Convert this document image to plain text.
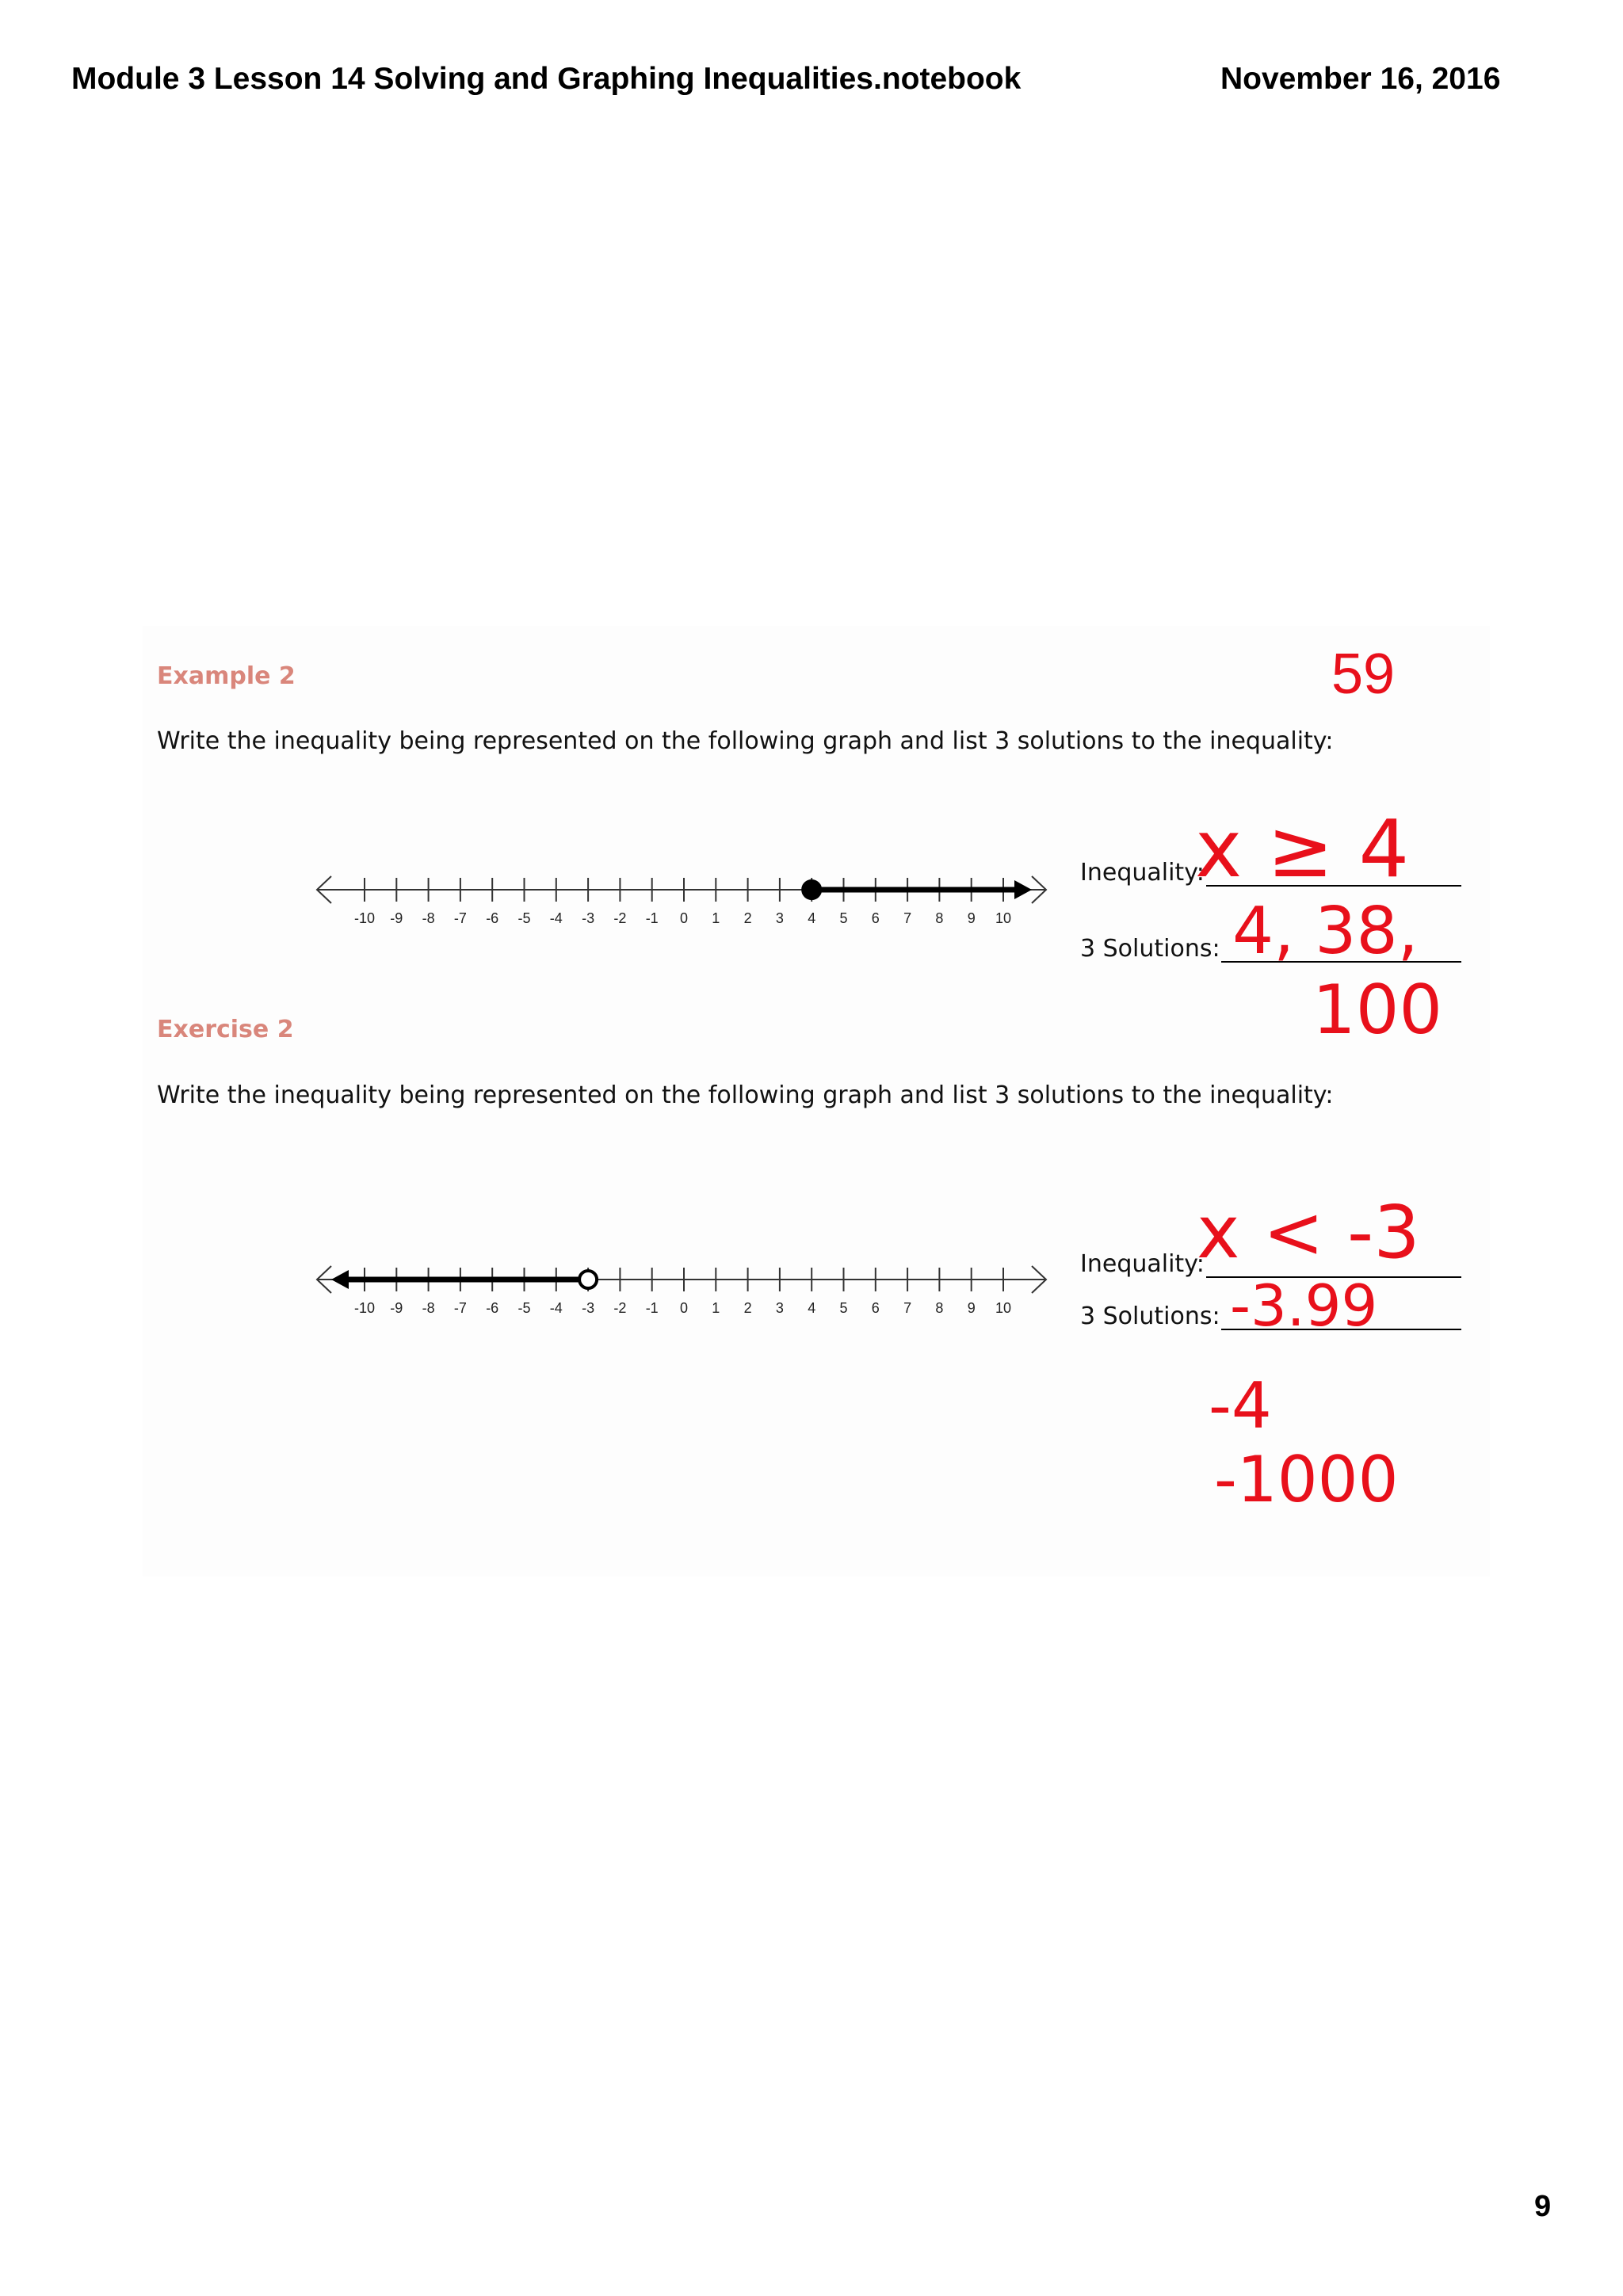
Module 3 Lesson 14 Solving and Graphing Inequalities.notebook	November 16, 2016
59
Example 2
Write the inequality being represented on the following graph and list 3 solutions to the inequality:
-10 -9 -8 -7 -6 -5 -4 -3 -2 -1 0 1 2 3 4 5 6 7 8 9 10
Inequality:
x ≥ 4
3 Solutions: 4, 38,
100
Exercise 2
Write the inequality being represented on the following graph and list 3 solutions to the inequality:
-10 -9 -8 -7 -6 -5 -4 -3 -2 -1 0 1 2 3 4 5 6 7 8 9 10
Inequality:
x < -3
3 Solutions: -3.99
-4
-1000
9
